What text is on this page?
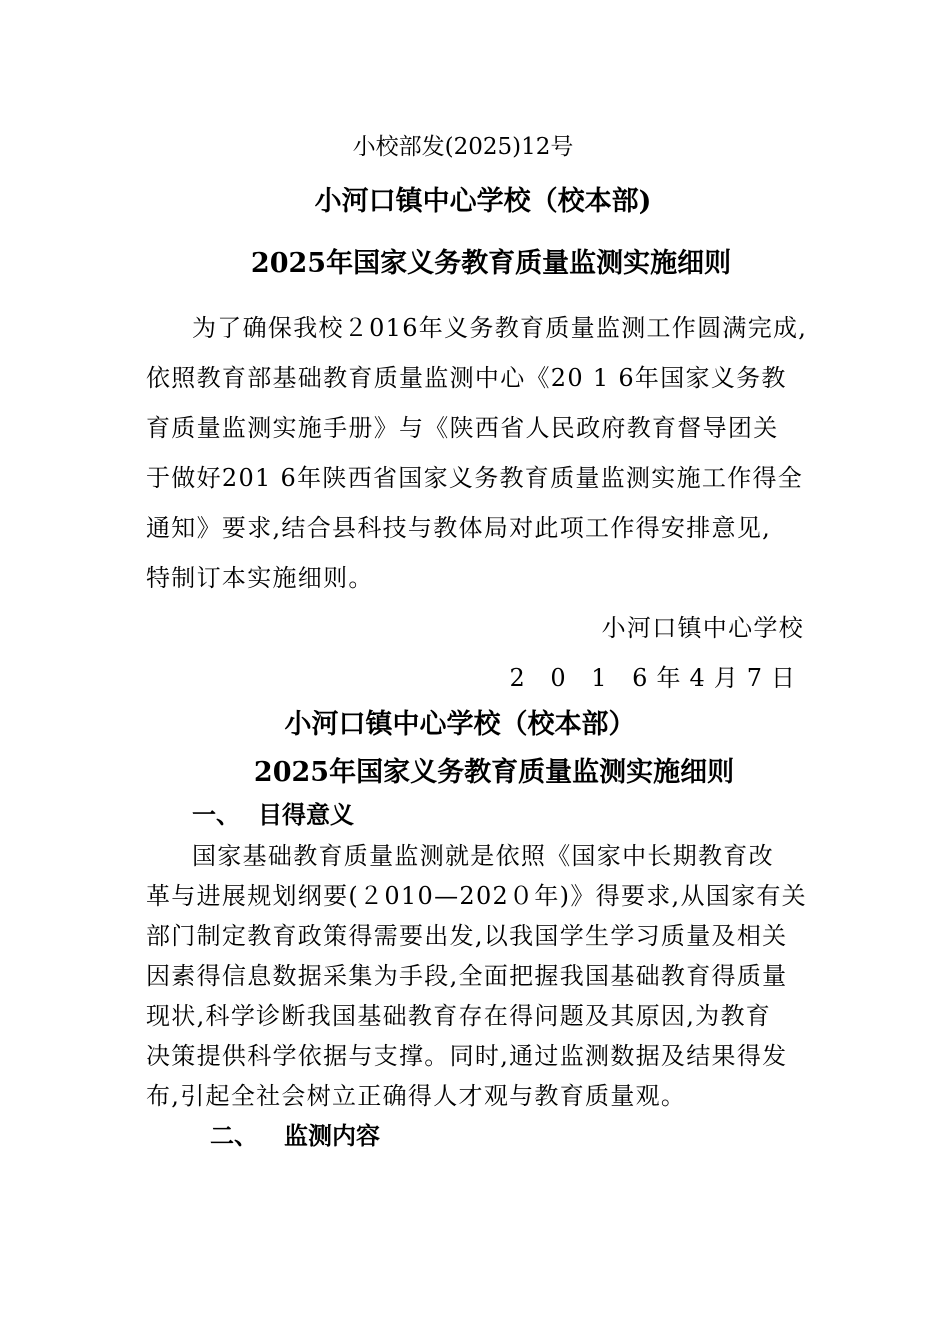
小校部发(2025)12号
小河口镇中心学校（校本部)
2025年国家义务教育质量监测实施细则
为了确保我校２016年义务教育质量监测工作圆满完成,
依照教育部基础教育质量监测中心《20 1 6年国家义务教
育质量监测实施手册》与《陕西省人民政府教育督导团关
于做好201 6年陕西省国家义务教育质量监测实施工作得全
通知》要求,结合县科技与教体局对此项工作得安排意见,
特制订本实施细则。
小河口镇中心学校
2 0 1 6年4月7日
小河口镇中心学校（校本部）
2025年国家义务教育质量监测实施细则
一、 目得意义
国家基础教育质量监测就是依照《国家中长期教育改
革与进展规划纲要(２010—202０年)》得要求,从国家有关
部门制定教育政策得需要出发,以我国学生学习质量及相关
因素得信息数据采集为手段,全面把握我国基础教育得质量
现状,科学诊断我国基础教育存在得问题及其原因,为教育
决策提供科学依据与支撑。同时,通过监测数据及结果得发
布,引起全社会树立正确得人才观与教育质量观。
二、 监测内容
